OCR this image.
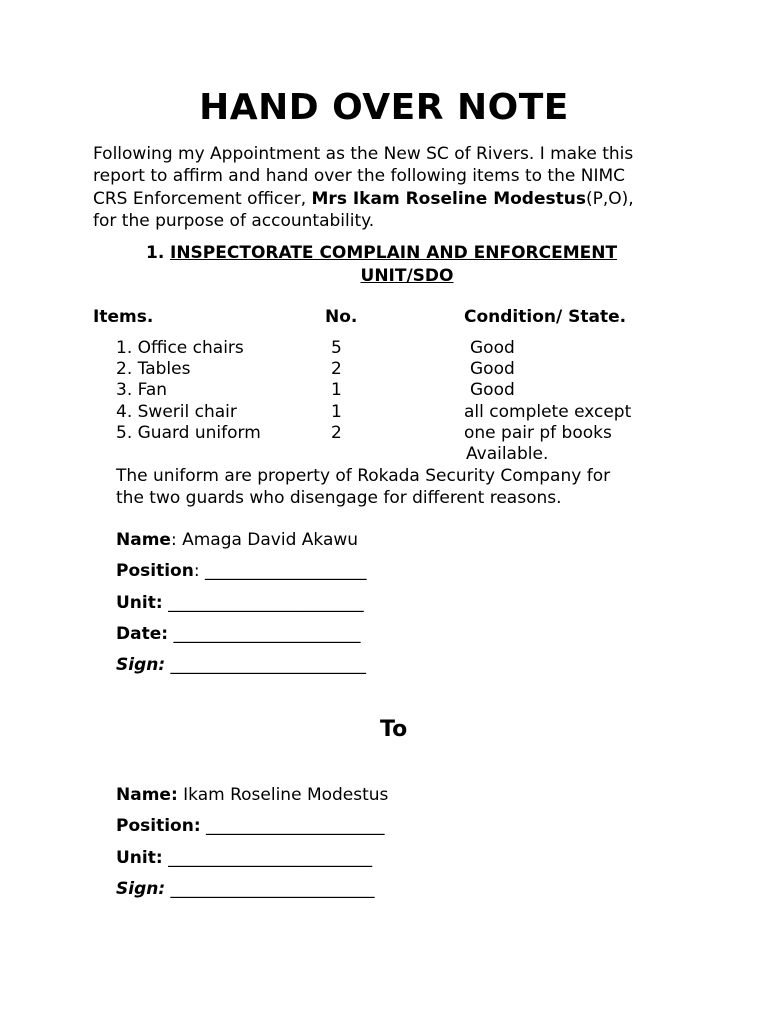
HAND OVER NOTE
Following my Appointment as the New SC of Rivers. I make this
report to affirm and hand over the following items to the NIMC
CRS Enforcement officer, Mrs Ikam Roseline Modestus(P,O),
for the purpose of accountability.
1. INSPECTORATE COMPLAIN AND ENFORCEMENT
UNIT/SDO
Items.	No.	Condition/ State.
1. Office chairs	5	Good
2. Tables	2	Good
3. Fan	1	Good
4. Sweril chair	1	all complete except
5. Guard uniform	2	one pair pf books
Available.
The uniform are property of Rokada Security Company for
the two guards who disengage for different reasons.
Name: Amaga David Akawu
Position: ___________________
Unit: _______________________
Date: ______________________
Sign: _______________________
To
Name: Ikam Roseline Modestus
Position: _____________________
Unit: ________________________
Sign: ________________________
